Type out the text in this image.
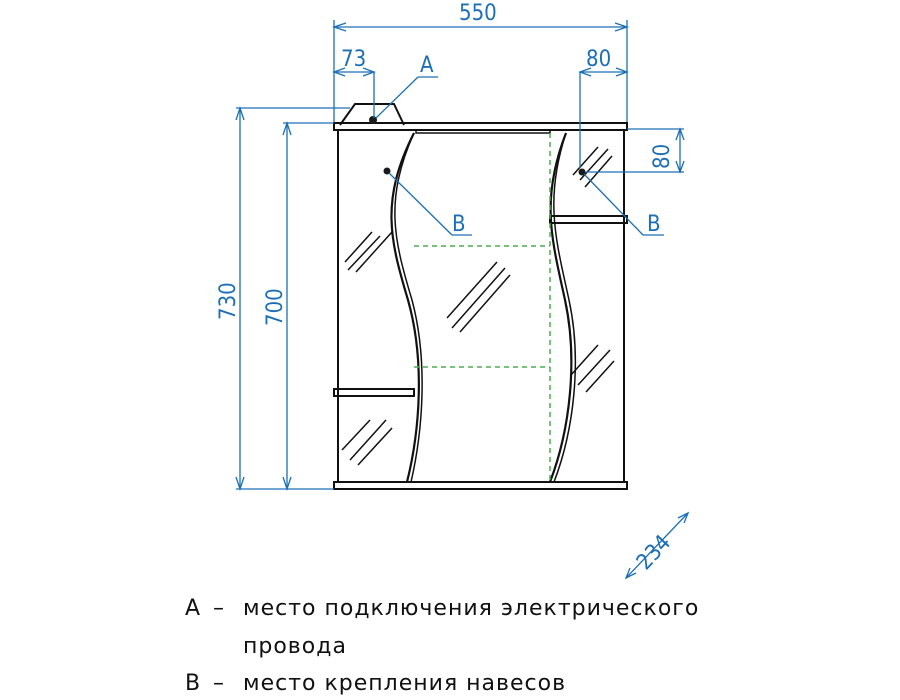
550
73	80
A
B	B
80
730 700
234
A – место подключения электрического
провода
B – место крепления навесов
